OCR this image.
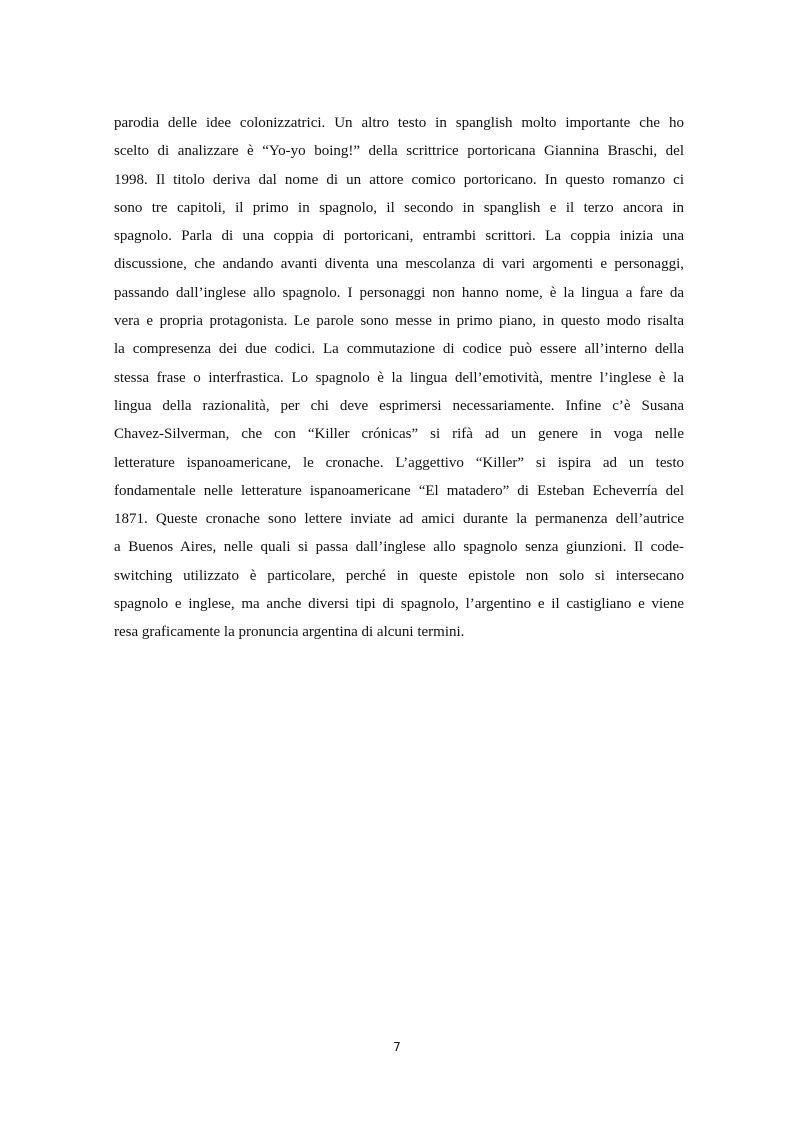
parodia delle idee colonizzatrici. Un altro testo in spanglish molto importante che ho
scelto di analizzare è “Yo-yo boing!” della scrittrice portoricana Giannina Braschi, del
1998. Il titolo deriva dal nome di un attore comico portoricano. In questo romanzo ci
sono tre capitoli, il primo in spagnolo, il secondo in spanglish e il terzo ancora in
spagnolo. Parla di una coppia di portoricani, entrambi scrittori. La coppia inizia una
discussione, che andando avanti diventa una mescolanza di vari argomenti e personaggi,
passando dall’inglese allo spagnolo. I personaggi non hanno nome, è la lingua a fare da
vera e propria protagonista. Le parole sono messe in primo piano, in questo modo risalta
la compresenza dei due codici. La commutazione di codice può essere all’interno della
stessa frase o interfrastica. Lo spagnolo è la lingua dell’emotività, mentre l’inglese è la
lingua della razionalità, per chi deve esprimersi necessariamente. Infine c’è Susana
Chavez-Silverman, che con “Killer crónicas” si rifà ad un genere in voga nelle
letterature ispanoamericane, le cronache. L’aggettivo “Killer” si ispira ad un testo
fondamentale nelle letterature ispanoamericane “El matadero” di Esteban Echeverría del
1871. Queste cronache sono lettere inviate ad amici durante la permanenza dell’autrice
a Buenos Aires, nelle quali si passa dall’inglese allo spagnolo senza giunzioni. Il code-
switching utilizzato è particolare, perché in queste epistole non solo si intersecano
spagnolo e inglese, ma anche diversi tipi di spagnolo, l’argentino e il castigliano e viene
resa graficamente la pronuncia argentina di alcuni termini.
7
